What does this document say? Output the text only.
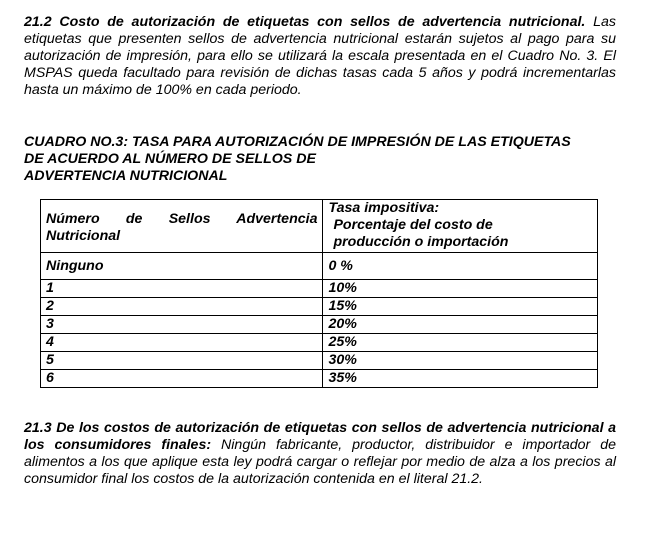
21.2 Costo de autorización de etiquetas con sellos de advertencia nutricional. Las etiquetas que presenten sellos de advertencia nutricional estarán sujetos al pago para su autorización de impresión, para ello se utilizará la escala presentada en el Cuadro No. 3. El MSPAS queda facultado para revisión de dichas tasas cada 5 años y podrá incrementarlas hasta un máximo de 100% en cada periodo.

CUADRO NO.3: TASA PARA AUTORIZACIÓN DE IMPRESIÓN DE LAS ETIQUETAS
DE ACUERDO AL NÚMERO DE SELLOS DE
ADVERTENCIA NUTRICIONAL
Número de Sellos Advertencia Nutricional	Tasa impositiva:
Porcentaje del costo de
producción o importación

Ninguno	0 %
1	10%
2	15%
3	20%
4	25%
5	30%
6	35%

21.3 De los costos de autorización de etiquetas con sellos de advertencia nutricional a los consumidores finales: Ningún fabricante, productor, distribuidor e importador de alimentos a los que aplique esta ley podrá cargar o reflejar por medio de alza a los precios al consumidor final los costos de la autorización contenida en el literal 21.2.
